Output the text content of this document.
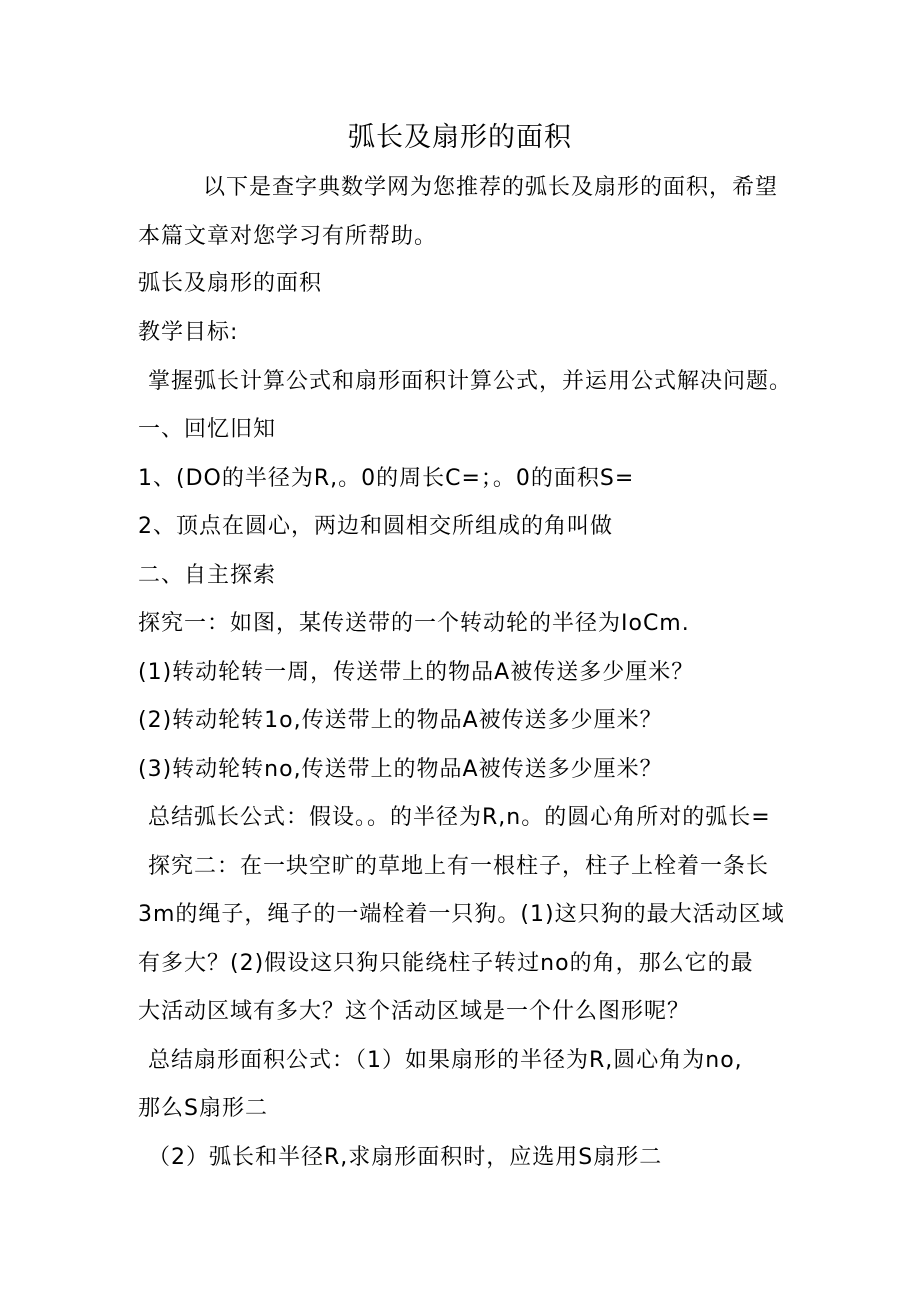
弧长及扇形的面积

以下是查字典数学网为您推荐的弧长及扇形的面积，希望

本篇文章对您学习有所帮助。

弧长及扇形的面积

教学目标:

掌握弧长计算公式和扇形面积计算公式，并运用公式解决问题。

一、回忆旧知

1、(DO的半径为R,。0的周长C=；。0的面积S=

2、顶点在圆心，两边和圆相交所组成的角叫做

二、自主探索

探究一：如图，某传送带的一个转动轮的半径为IoCm.

(1)转动轮转一周，传送带上的物品A被传送多少厘米？

(2)转动轮转1o,传送带上的物品A被传送多少厘米？

(3)转动轮转no,传送带上的物品A被传送多少厘米？

总结弧长公式：假设。。的半径为R,n。的圆心角所对的弧长=

探究二：在一块空旷的草地上有一根柱子，柱子上栓着一条长

3m的绳子，绳子的一端栓着一只狗。(1)这只狗的最大活动区域

有多大？(2)假设这只狗只能绕柱子转过no的角，那么它的最

大活动区域有多大？这个活动区域是一个什么图形呢？

总结扇形面积公式：（1）如果扇形的半径为R,圆心角为no,

那么S扇形二

（2）弧长和半径R,求扇形面积时，应选用S扇形二
